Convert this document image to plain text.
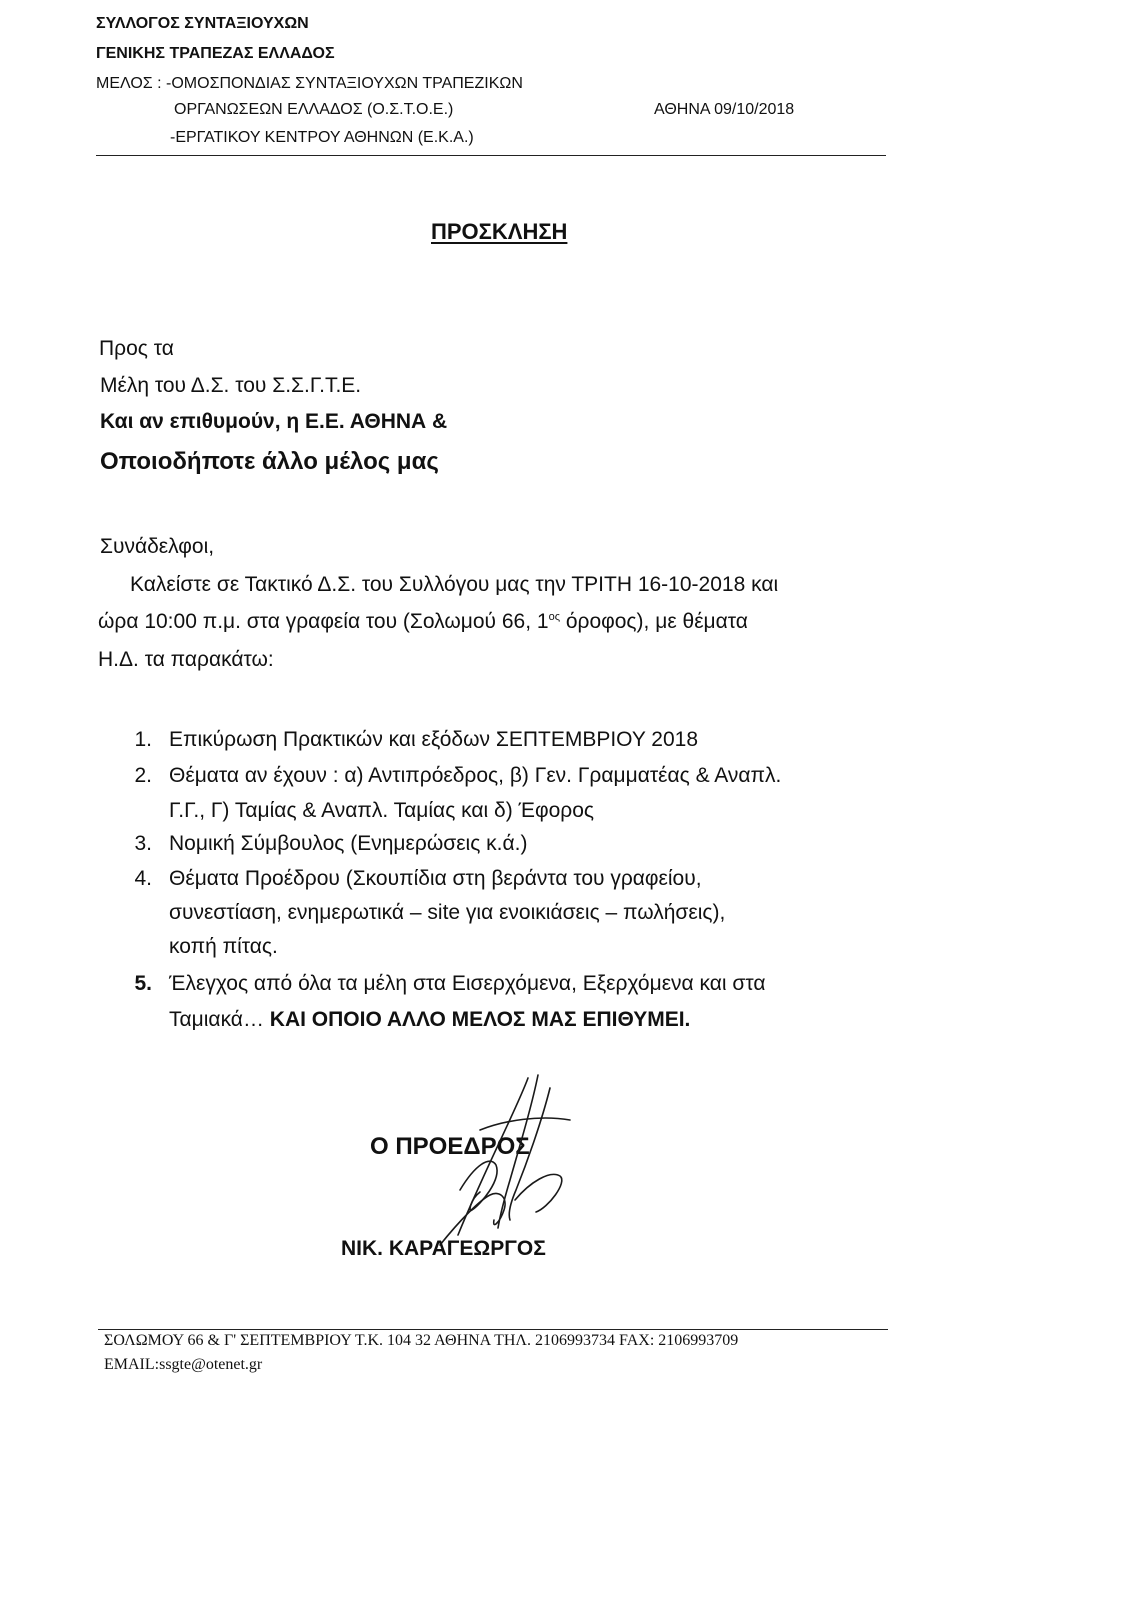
ΣΥΛΛΟΓΟΣ ΣΥΝΤΑΞΙΟΥΧΩΝ
ΓΕΝΙΚΗΣ ΤΡΑΠΕΖΑΣ ΕΛΛΑΔΟΣ
ΜΕΛΟΣ : -ΟΜΟΣΠΟΝΔΙΑΣ ΣΥΝΤΑΞΙΟΥΧΩΝ ΤΡΑΠΕΖΙΚΩΝ
ΟΡΓΑΝΩΣΕΩΝ ΕΛΛΑΔΟΣ (Ο.Σ.Τ.Ο.Ε.)
-ΕΡΓΑΤΙΚΟΥ ΚΕΝΤΡΟΥ ΑΘΗΝΩΝ (Ε.Κ.Α.)
ΑΘΗΝΑ 09/10/2018
ΠΡΟΣΚΛΗΣΗ
Προς τα
Μέλη του Δ.Σ. του Σ.Σ.Γ.Τ.Ε.
Και αν επιθυμούν, η Ε.Ε. ΑΘΗΝΑ &
Οποιοδήποτε άλλο μέλος μας
Συνάδελφοι,
Καλείστε σε Τακτικό Δ.Σ. του Συλλόγου μας την ΤΡΙΤΗ 16-10-2018 και
ώρα 10:00 π.μ. στα γραφεία του (Σολωμού 66, $1^{o\varsigma}$ όροφος), με θέματα
Η.Δ. τα παρακάτω:
1. Επικύρωση Πρακτικών και εξόδων ΣΕΠΤΕΜΒΡΙΟΥ 2018
2. Θέματα αν έχουν : α) Αντιπρόεδρος, β) Γεν. Γραμματέας & Αναπλ.
Γ.Γ., Γ) Ταμίας & Αναπλ. Ταμίας και δ) Έφορος
3. Νομική Σύμβουλος (Ενημερώσεις κ.ά.)
4. Θέματα Προέδρου (Σκουπίδια στη βεράντα του γραφείου,
συνεστίαση, ενημερωτικά – site για ενοικιάσεις – πωλήσεις),
κοπή πίτας.
5. Έλεγχος από όλα τα μέλη στα Εισερχόμενα, Εξερχόμενα και στα
Ταμιακά… ΚΑΙ ΟΠΟΙΟ ΑΛΛΟ ΜΕΛΟΣ ΜΑΣ ΕΠΙΘΥΜΕΙ.
Ο ΠΡΟΕΔΡΟΣ
ΝΙΚ. ΚΑΡΑΓΕΩΡΓΟΣ
ΣΟΛΩΜΟΥ 66 & Γ' ΣΕΠΤΕΜΒΡΙΟΥ Τ.Κ. 104 32 ΑΘΗΝΑ ΤΗΛ. 2106993734 FAX: 2106993709
EMAIL:ssgte@otenet.gr
